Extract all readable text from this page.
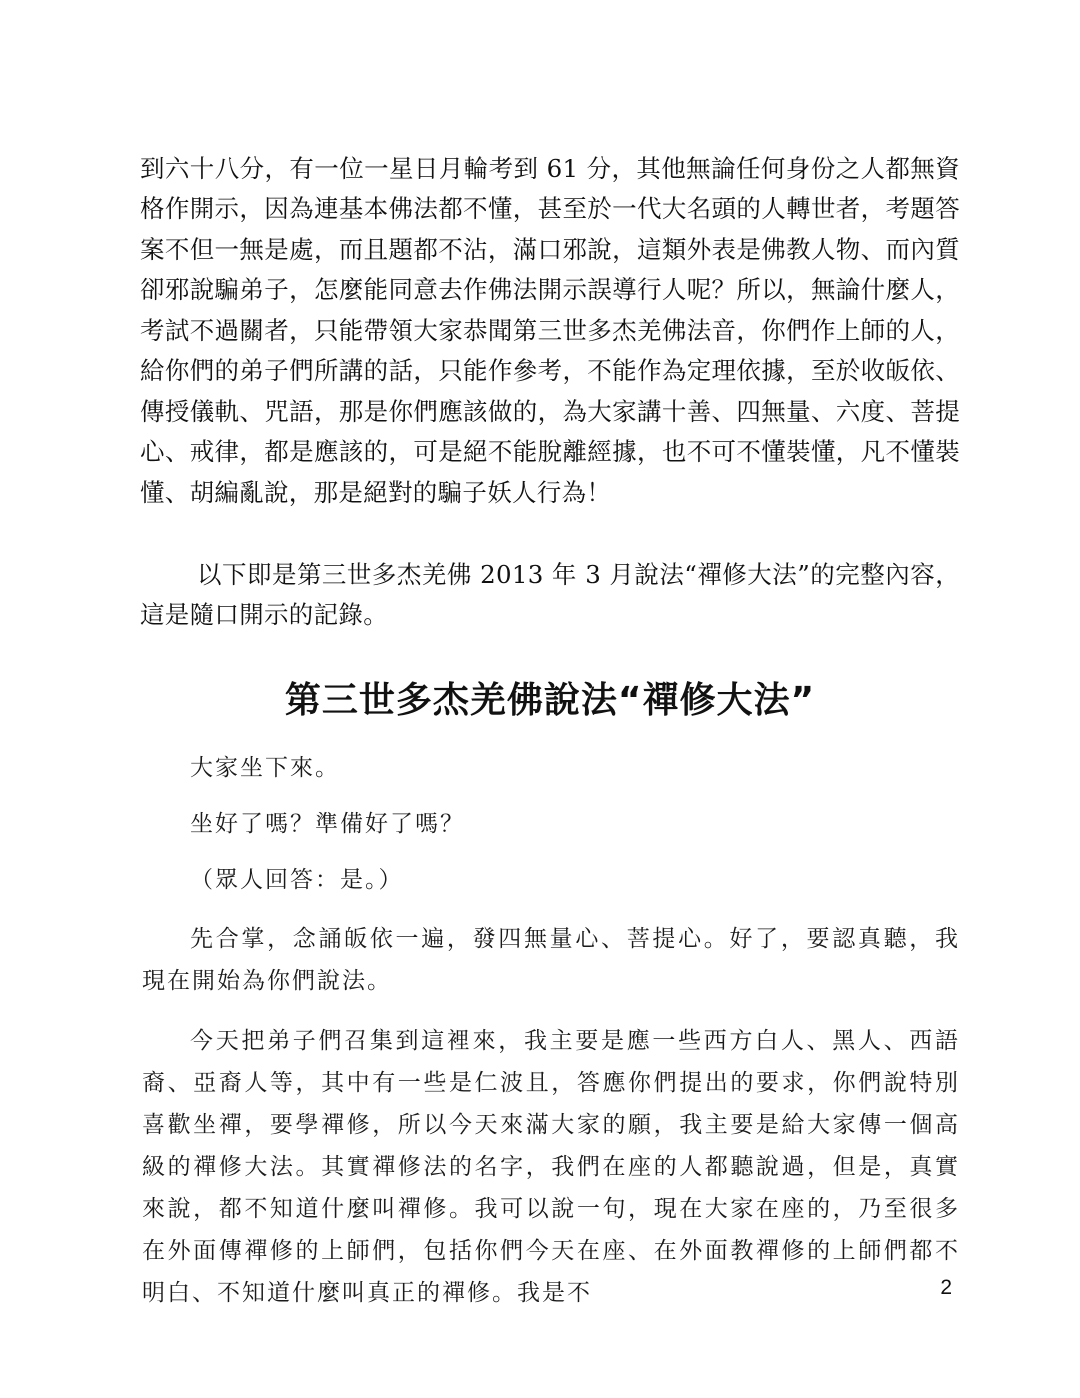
到六十八分，有一位一星日月輪考到 61 分，其他無論任何身份之人都無資格作開示，因為連基本佛法都不懂，甚至於一代大名頭的人轉世者，考題答案不但一無是處，而且題都不沾，滿口邪說，這類外表是佛教人物、而內質卻邪說騙弟子，怎麼能同意去作佛法開示誤導行人呢？所以，無論什麼人，考試不過關者，只能帶領大家恭聞第三世多杰羌佛法音，你們作上師的人，給你們的弟子們所講的話，只能作參考，不能作為定理依據，至於收皈依、傳授儀軌、咒語，那是你們應該做的，為大家講十善、四無量、六度、菩提心、戒律，都是應該的，可是絕不能脫離經據，也不可不懂裝懂，凡不懂裝懂、胡編亂說，那是絕對的騙子妖人行為！

以下即是第三世多杰羌佛 2013 年 3 月說法“禪修大法”的完整內容，這是隨口開示的記錄。

第三世多杰羌佛說法“禪修大法”

大家坐下來。

坐好了嗎？準備好了嗎？

（眾人回答：是。）

先合掌，念誦皈依一遍，發四無量心、菩提心。好了，要認真聽，我現在開始為你們說法。

今天把弟子們召集到這裡來，我主要是應一些西方白人、黑人、西語裔、亞裔人等，其中有一些是仁波且，答應你們提出的要求，你們說特別喜歡坐禪，要學禪修，所以今天來滿大家的願，我主要是給大家傳一個高級的禪修大法。其實禪修法的名字，我們在座的人都聽說過，但是，真實來說，都不知道什麼叫禪修。我可以說一句，現在大家在座的，乃至很多在外面傳禪修的上師們，包括你們今天在座、在外面教禪修的上師們都不明白、不知道什麼叫真正的禪修。我是不	2
